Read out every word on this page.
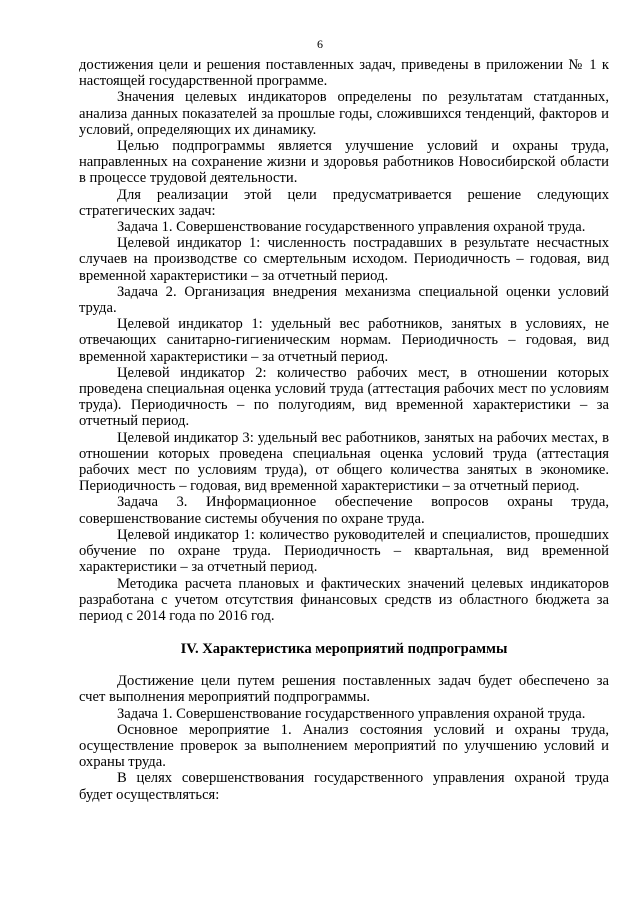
6

достижения цели и решения поставленных задач, приведены в приложении № 1 к настоящей государственной программе.

Значения целевых индикаторов определены по результатам статданных, анализа данных показателей за прошлые годы, сложившихся тенденций, факторов и условий, определяющих их динамику.

Целью подпрограммы является улучшение условий и охраны труда, направленных на сохранение жизни и здоровья работников Новосибирской области в процессе трудовой деятельности.

Для реализации этой цели предусматривается решение следующих стратегических задач:

Задача 1. Совершенствование государственного управления охраной труда.

Целевой индикатор 1: численность пострадавших в результате несчастных случаев на производстве со смертельным исходом. Периодичность – годовая, вид временной характеристики – за отчетный период.

Задача 2. Организация внедрения механизма специальной оценки условий труда.

Целевой индикатор 1: удельный вес работников, занятых в условиях, не отвечающих санитарно-гигиеническим нормам. Периодичность – годовая, вид временной характеристики – за отчетный период.

Целевой индикатор 2: количество рабочих мест, в отношении которых проведена специальная оценка условий труда (аттестация рабочих мест по условиям труда). Периодичность – по полугодиям, вид временной характеристики – за отчетный период.

Целевой индикатор 3: удельный вес работников, занятых на рабочих местах, в отношении которых проведена специальная оценка условий труда (аттестация рабочих мест по условиям труда), от общего количества занятых в экономике. Периодичность – годовая, вид временной характеристики – за отчетный период.

Задача 3. Информационное обеспечение вопросов охраны труда, совершенствование системы обучения по охране труда.

Целевой индикатор 1: количество руководителей и специалистов, прошедших обучение по охране труда. Периодичность – квартальная, вид временной характеристики – за отчетный период.

Методика расчета плановых и фактических значений целевых индикаторов разработана с учетом отсутствия финансовых средств из областного бюджета за период с 2014 года по 2016 год.

IV. Характеристика мероприятий подпрограммы

Достижение цели путем решения поставленных задач будет обеспечено за счет выполнения мероприятий подпрограммы.

Задача 1. Совершенствование государственного управления охраной труда.

Основное мероприятие 1. Анализ состояния условий и охраны труда, осуществление проверок за выполнением мероприятий по улучшению условий и охраны труда.

В целях совершенствования государственного управления охраной труда будет осуществляться:
